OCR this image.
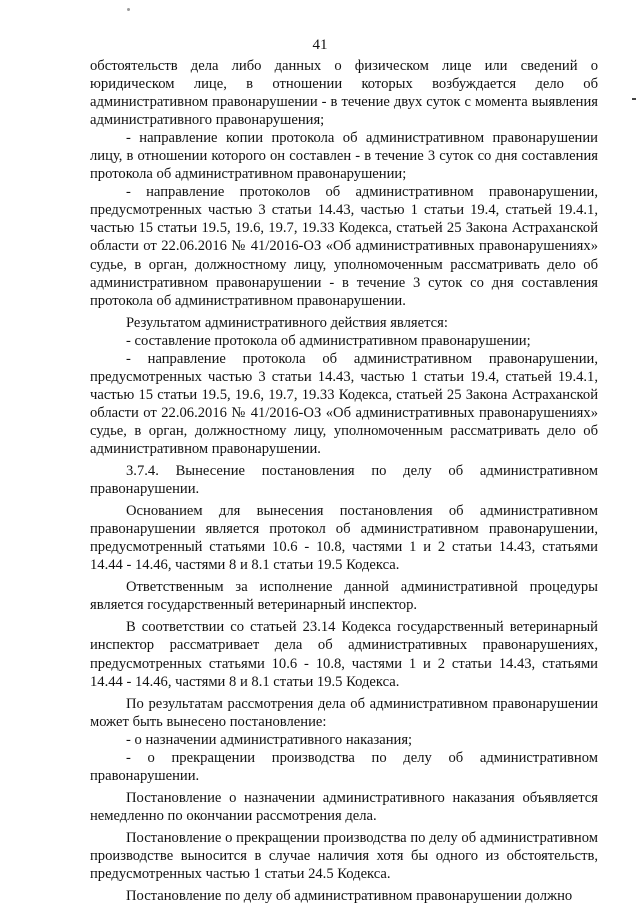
41

обстоятельств дела либо данных о физическом лице или сведений о юридическом лице, в отношении которых возбуждается дело об административном правонарушении - в течение двух суток с момента выявления административного правонарушения;

- направление копии протокола об административном правонарушении лицу, в отношении которого он составлен - в течение 3 суток со дня составления протокола об административном правонарушении;

- направление протоколов об административном правонарушении, предусмотренных частью 3 статьи 14.43, частью 1 статьи 19.4, статьей 19.4.1, частью 15 статьи 19.5, 19.6, 19.7, 19.33 Кодекса, статьей 25 Закона Астраханской области от 22.06.2016 № 41/2016-ОЗ «Об административных правонарушениях» судье, в орган, должностному лицу, уполномоченным рассматривать дело об административном правонарушении - в течение 3 суток со дня составления протокола об административном правонарушении.

Результатом административного действия является:

- составление протокола об административном правонарушении;

- направление протокола об административном правонарушении, предусмотренных частью 3 статьи 14.43, частью 1 статьи 19.4, статьей 19.4.1, частью 15 статьи 19.5, 19.6, 19.7, 19.33 Кодекса, статьей 25 Закона Астраханской области от 22.06.2016 № 41/2016-ОЗ «Об административных правонарушениях» судье, в орган, должностному лицу, уполномоченным рассматривать дело об административном правонарушении.

3.7.4. Вынесение постановления по делу об административном правонарушении.

Основанием для вынесения постановления об административном правонарушении является протокол об административном правонарушении, предусмотренный статьями 10.6 - 10.8, частями 1 и 2 статьи 14.43, статьями 14.44 - 14.46, частями 8 и 8.1 статьи 19.5 Кодекса.

Ответственным за исполнение данной административной процедуры является государственный ветеринарный инспектор.

В соответствии со статьей 23.14 Кодекса государственный ветеринарный инспектор рассматривает дела об административных правонарушениях, предусмотренных статьями 10.6 - 10.8, частями 1 и 2 статьи 14.43, статьями 14.44 - 14.46, частями 8 и 8.1 статьи 19.5 Кодекса.

По результатам рассмотрения дела об административном правонарушении может быть вынесено постановление:

- о назначении административного наказания;

- о прекращении производства по делу об административном правонарушении.

Постановление о назначении административного наказания объявляется немедленно по окончании рассмотрения дела.

Постановление о прекращении производства по делу об административном производстве выносится в случае наличия хотя бы одного из обстоятельств, предусмотренных частью 1 статьи 24.5 Кодекса.

Постановление по делу об административном правонарушении должно
